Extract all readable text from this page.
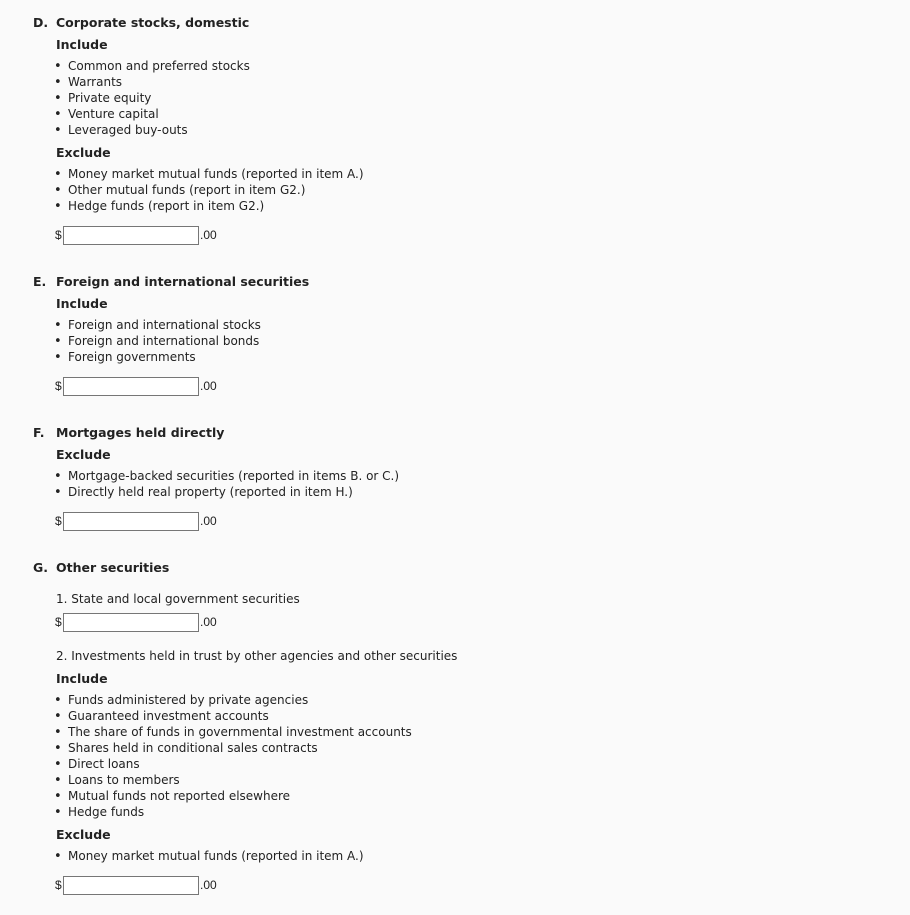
D. Corporate stocks, domestic
Include
• Common and preferred stocks
• Warrants
• Private equity
• Venture capital
• Leveraged buy-outs
Exclude
• Money market mutual funds (reported in item A.)
• Other mutual funds (report in item G2.)
• Hedge funds (report in item G2.)
$	.00
E. Foreign and international securities
Include
• Foreign and international stocks
• Foreign and international bonds
• Foreign governments
$	.00
F. Mortgages held directly
Exclude
• Mortgage-backed securities (reported in items B. or C.)
• Directly held real property (reported in item H.)
$	.00
G. Other securities
1. State and local government securities
$	.00
2. Investments held in trust by other agencies and other securities
Include
• Funds administered by private agencies
• Guaranteed investment accounts
• The share of funds in governmental investment accounts
• Shares held in conditional sales contracts
• Direct loans
• Loans to members
• Mutual funds not reported elsewhere
• Hedge funds
Exclude
• Money market mutual funds (reported in item A.)
$	.00
